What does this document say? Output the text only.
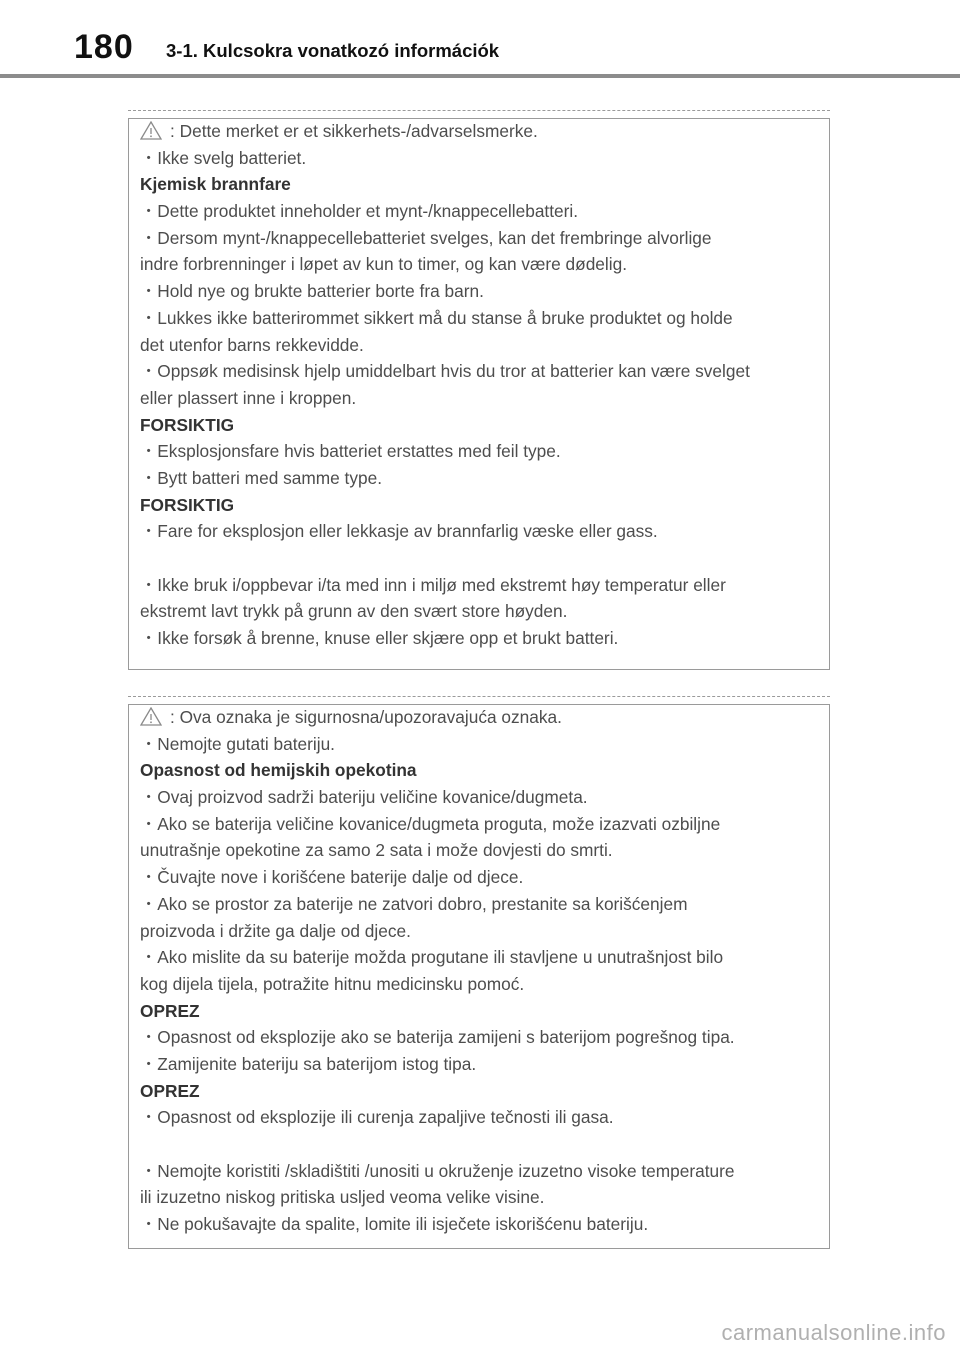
180 3-1. Kulcsokra vonatkozó információk
: Dette merket er et sikkerhets-/advarselsmerke.
・Ikke svelg batteriet.
Kjemisk brannfare
・Dette produktet inneholder et mynt-/knappecellebatteri.
・Dersom mynt-/knappecellebatteriet svelges, kan det frembringe alvorlige
indre forbrenninger i løpet av kun to timer, og kan være dødelig.
・Hold nye og brukte batterier borte fra barn.
・Lukkes ikke batterirommet sikkert må du stanse å bruke produktet og holde
det utenfor barns rekkevidde.
・Oppsøk medisinsk hjelp umiddelbart hvis du tror at batterier kan være svelget
eller plassert inne i kroppen.
FORSIKTIG
・Eksplosjonsfare hvis batteriet erstattes med feil type.
・Bytt batteri med samme type.
FORSIKTIG
・Fare for eksplosjon eller lekkasje av brannfarlig væske eller gass.
・Ikke bruk i/oppbevar i/ta med inn i miljø med ekstremt høy temperatur eller
ekstremt lavt trykk på grunn av den svært store høyden.
・Ikke forsøk å brenne, knuse eller skjære opp et brukt batteri.
: Ova oznaka je sigurnosna/upozoravajuća oznaka.
・Nemojte gutati bateriju.
Opasnost od hemijskih opekotina
・Ovaj proizvod sadrži bateriju veličine kovanice/dugmeta.
・Ako se baterija veličine kovanice/dugmeta proguta, može izazvati ozbiljne
unutrašnje opekotine za samo 2 sata i može dovjesti do smrti.
・Čuvajte nove i korišćene baterije dalje od djece.
・Ako se prostor za baterije ne zatvori dobro, prestanite sa korišćenjem
proizvoda i držite ga dalje od djece.
・Ako mislite da su baterije možda progutane ili stavljene u unutrašnjost bilo
kog dijela tijela, potražite hitnu medicinsku pomoć.
OPREZ
・Opasnost od eksplozije ako se baterija zamijeni s baterijom pogrešnog tipa.
・Zamijenite bateriju sa baterijom istog tipa.
OPREZ
・Opasnost od eksplozije ili curenja zapaljive tečnosti ili gasa.
・Nemojte koristiti /skladištiti /unositi u okruženje izuzetno visoke temperature
ili izuzetno niskog pritiska usljed veoma velike visine.
・Ne pokušavajte da spalite, lomite ili isječete iskorišćenu bateriju.
carmanualsonline.info
